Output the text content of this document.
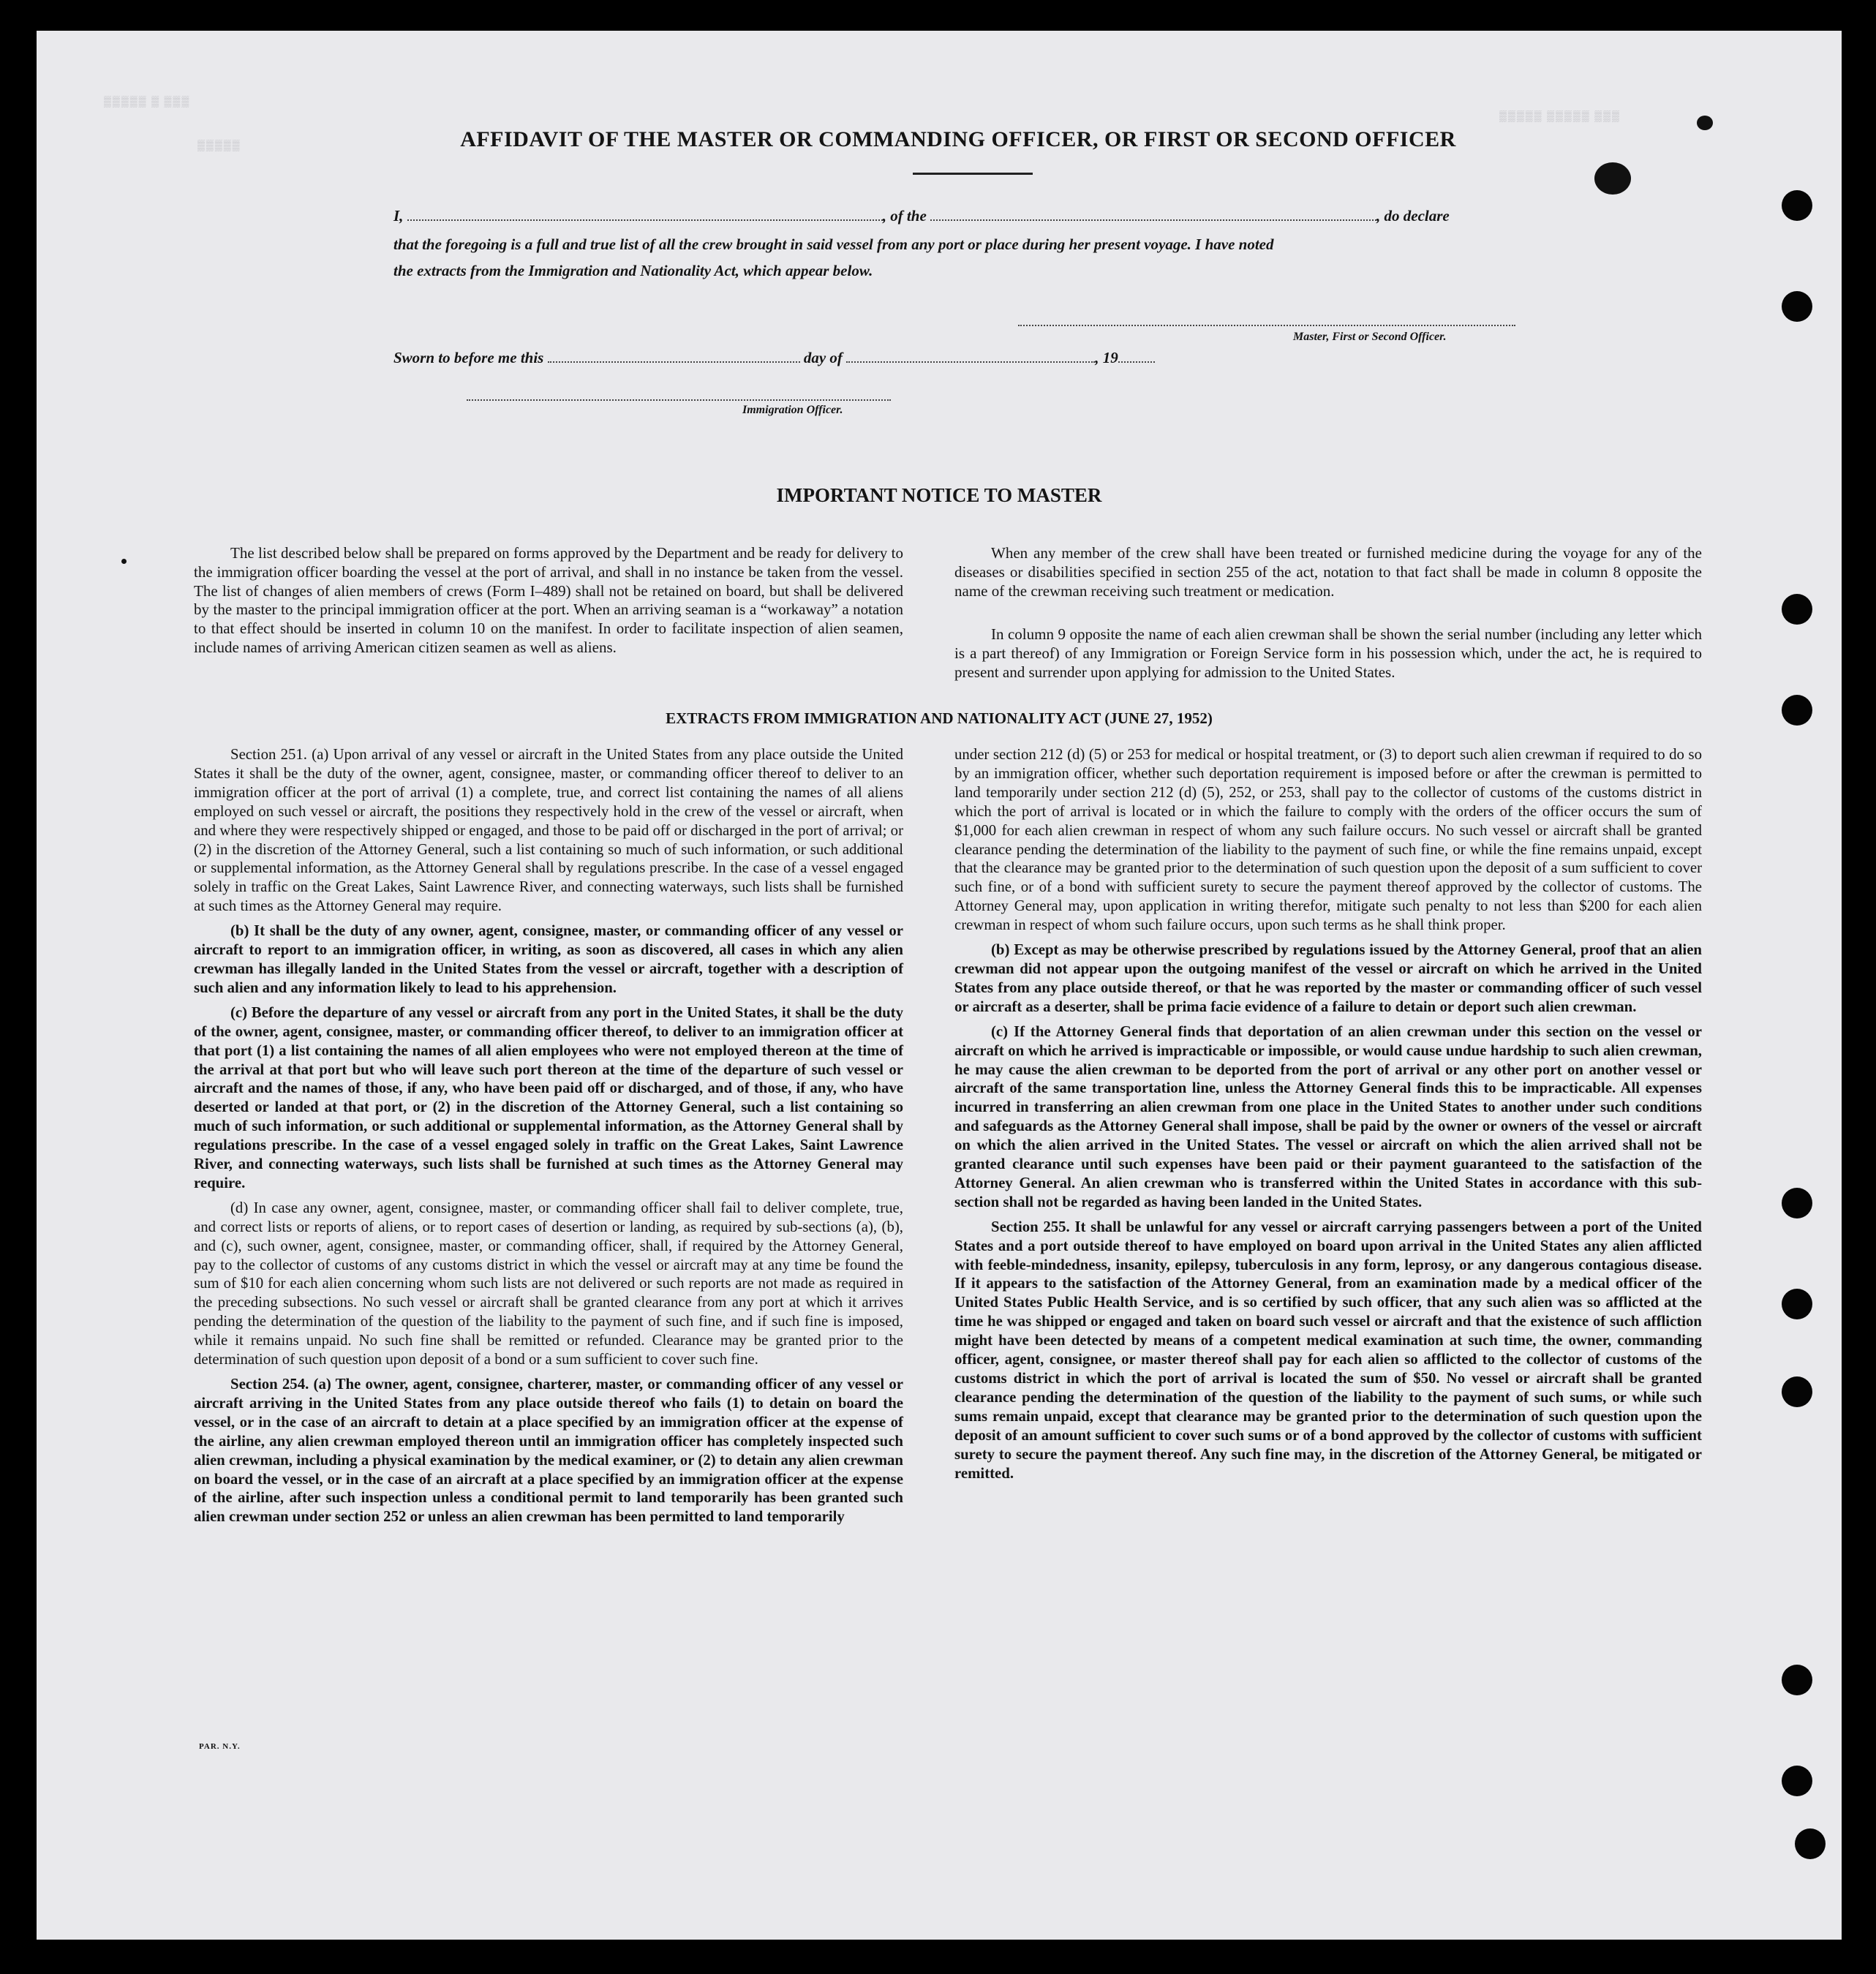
▒▒▒▒▒ ▒ ▒▒▒
▒▒▒▒▒
▒▒▒▒▒ ▒▒▒▒▒ ▒▒▒
AFFIDAVIT OF THE MASTER OR COMMANDING OFFICER, OR FIRST OR SECOND OFFICER
I,	, of the	, do declare
that the foregoing is a full and true list of all the crew brought in said vessel from any port or place during her present voyage. I have noted
the extracts from the Immigration and Nationality Act, which appear below.
Master, First or Second Officer.
Sworn to before me this	day of	, 19
Immigration Officer.
IMPORTANT NOTICE TO MASTER

The list described below shall be prepared on forms approved by the Department and be ready for delivery to the immigration officer boarding the vessel at the port of arrival, and shall in no instance be taken from the vessel. The list of changes of alien members of crews (Form I–489) shall not be retained on board, but shall be delivered by the master to the principal immigration officer at the port. When an arriving seaman is a “workaway” a notation to that effect should be inserted in column 10 on the manifest. In order to facilitate inspection of alien seamen, include names of arriving American citizen seamen as well as aliens.

When any member of the crew shall have been treated or furnished medicine during the voyage for any of the diseases or disabilities specified in section 255 of the act, notation to that fact shall be made in column 8 opposite the name of the crewman receiving such treatment or medication.

In column 9 opposite the name of each alien crewman shall be shown the serial number (including any letter which is a part thereof) of any Immigration or Foreign Service form in his possession which, under the act, he is required to present and surrender upon applying for admission to the United States.

EXTRACTS FROM IMMIGRATION AND NATIONALITY ACT (JUNE 27, 1952)

Section 251. (a) Upon arrival of any vessel or aircraft in the United States from any place outside the United States it shall be the duty of the owner, agent, consignee, master, or commanding officer thereof to deliver to an immigration officer at the port of arrival (1) a complete, true, and correct list containing the names of all aliens employed on such vessel or aircraft, the positions they respectively hold in the crew of the vessel or aircraft, when and where they were respectively shipped or engaged, and those to be paid off or discharged in the port of arrival; or (2) in the discretion of the Attorney General, such a list containing so much of such information, or such additional or supplemental information, as the Attorney General shall by regulations prescribe. In the case of a vessel engaged solely in traffic on the Great Lakes, Saint Lawrence River, and connecting waterways, such lists shall be furnished at such times as the Attorney General may require.

(b) It shall be the duty of any owner, agent, consignee, master, or commanding officer of any vessel or aircraft to report to an immigration officer, in writing, as soon as discovered, all cases in which any alien crewman has illegally landed in the United States from the vessel or aircraft, together with a description of such alien and any information likely to lead to his apprehension.

(c) Before the departure of any vessel or aircraft from any port in the United States, it shall be the duty of the owner, agent, consignee, master, or commanding officer thereof, to deliver to an immigration officer at that port (1) a list containing the names of all alien employees who were not employed thereon at the time of the arrival at that port but who will leave such port thereon at the time of the departure of such vessel or aircraft and the names of those, if any, who have been paid off or discharged, and of those, if any, who have deserted or landed at that port, or (2) in the discretion of the Attorney General, such a list containing so much of such information, or such additional or supplemental information, as the Attorney General shall by regulations prescribe. In the case of a vessel engaged solely in traffic on the Great Lakes, Saint Lawrence River, and connecting waterways, such lists shall be furnished at such times as the Attorney General may require.

(d) In case any owner, agent, consignee, master, or commanding officer shall fail to deliver complete, true, and correct lists or reports of aliens, or to report cases of desertion or landing, as required by sub-sections (a), (b), and (c), such owner, agent, consignee, master, or commanding officer, shall, if required by the Attorney General, pay to the collector of customs of any customs district in which the vessel or aircraft may at any time be found the sum of $10 for each alien concerning whom such lists are not delivered or such reports are not made as required in the preceding subsections. No such vessel or aircraft shall be granted clearance from any port at which it arrives pending the determination of the question of the liability to the payment of such fine, and if such fine is imposed, while it remains unpaid. No such fine shall be remitted or refunded. Clearance may be granted prior to the determination of such question upon deposit of a bond or a sum sufficient to cover such fine.

Section 254. (a) The owner, agent, consignee, charterer, master, or commanding officer of any vessel or aircraft arriving in the United States from any place outside thereof who fails (1) to detain on board the vessel, or in the case of an aircraft to detain at a place specified by an immigration officer at the expense of the airline, any alien crewman employed thereon until an immigration officer has completely inspected such alien crewman, including a physical examination by the medical examiner, or (2) to detain any alien crewman on board the vessel, or in the case of an aircraft at a place specified by an immigration officer at the expense of the airline, after such inspection unless a conditional permit to land temporarily has been granted such alien crewman under section 252 or unless an alien crewman has been permitted to land temporarily

under section 212 (d) (5) or 253 for medical or hospital treatment, or (3) to deport such alien crewman if required to do so by an immigration officer, whether such deportation requirement is imposed before or after the crewman is permitted to land temporarily under section 212 (d) (5), 252, or 253, shall pay to the collector of customs of the customs district in which the port of arrival is located or in which the failure to comply with the orders of the officer occurs the sum of $1,000 for each alien crewman in respect of whom any such failure occurs. No such vessel or aircraft shall be granted clearance pending the determination of the liability to the payment of such fine, or while the fine remains unpaid, except that the clearance may be granted prior to the determination of such question upon the deposit of a sum sufficient to cover such fine, or of a bond with sufficient surety to secure the payment thereof approved by the collector of customs. The Attorney General may, upon application in writing therefor, mitigate such penalty to not less than $200 for each alien crewman in respect of whom such failure occurs, upon such terms as he shall think proper.

(b) Except as may be otherwise prescribed by regulations issued by the Attorney General, proof that an alien crewman did not appear upon the outgoing manifest of the vessel or aircraft on which he arrived in the United States from any place outside thereof, or that he was reported by the master or commanding officer of such vessel or aircraft as a deserter, shall be prima facie evidence of a failure to detain or deport such alien crewman.

(c) If the Attorney General finds that deportation of an alien crewman under this section on the vessel or aircraft on which he arrived is impracticable or impossible, or would cause undue hardship to such alien crewman, he may cause the alien crewman to be deported from the port of arrival or any other port on another vessel or aircraft of the same transportation line, unless the Attorney General finds this to be impracticable. All expenses incurred in transferring an alien crewman from one place in the United States to another under such conditions and safeguards as the Attorney General shall impose, shall be paid by the owner or owners of the vessel or aircraft on which the alien arrived in the United States. The vessel or aircraft on which the alien arrived shall not be granted clearance until such expenses have been paid or their payment guaranteed to the satisfaction of the Attorney General. An alien crewman who is transferred within the United States in accordance with this sub-section shall not be regarded as having been landed in the United States.

Section 255. It shall be unlawful for any vessel or aircraft carrying passengers between a port of the United States and a port outside thereof to have employed on board upon arrival in the United States any alien afflicted with feeble-mindedness, insanity, epilepsy, tuberculosis in any form, leprosy, or any dangerous contagious disease. If it appears to the satisfaction of the Attorney General, from an examination made by a medical officer of the United States Public Health Service, and is so certified by such officer, that any such alien was so afflicted at the time he was shipped or engaged and taken on board such vessel or aircraft and that the existence of such affliction might have been detected by means of a competent medical examination at such time, the owner, commanding officer, agent, consignee, or master thereof shall pay for each alien so afflicted to the collector of customs of the customs district in which the port of arrival is located the sum of $50. No vessel or aircraft shall be granted clearance pending the determination of the question of the liability to the payment of such sums, or while such sums remain unpaid, except that clearance may be granted prior to the determination of such question upon the deposit of an amount sufficient to cover such sums or of a bond approved by the collector of customs with sufficient surety to secure the payment thereof. Any such fine may, in the discretion of the Attorney General, be mitigated or remitted.

PAR. N.Y.
